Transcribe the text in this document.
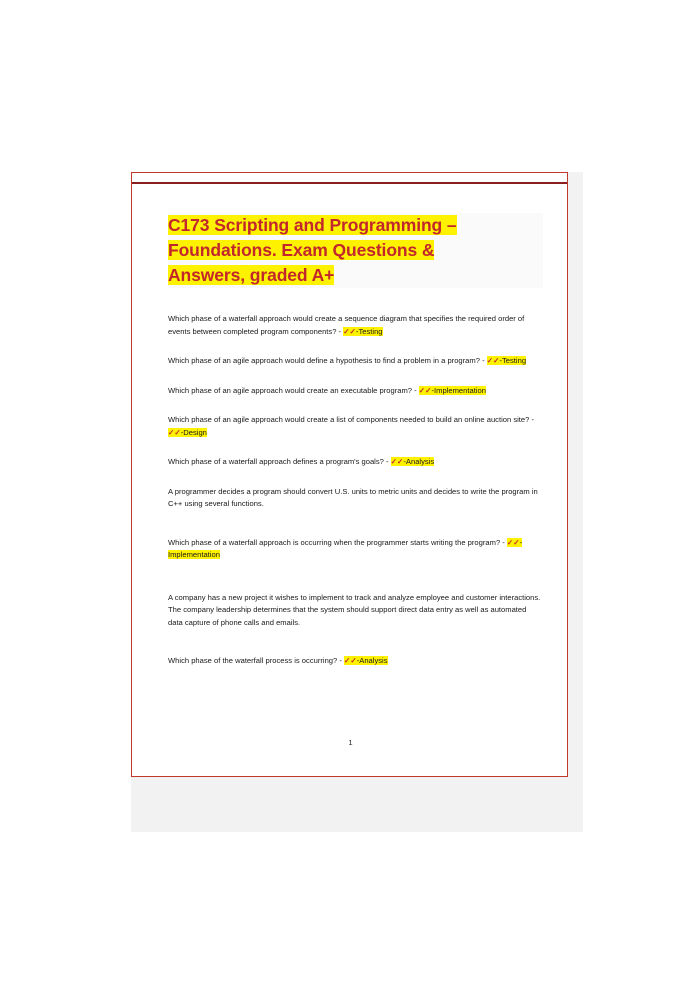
C173 Scripting and Programming –
Foundations. Exam Questions &
Answers, graded A+

Which phase of a waterfall approach would create a sequence diagram that specifies the required order of events between completed program components? - ✓✓-Testing

Which phase of an agile approach would define a hypothesis to find a problem in a program? - ✓✓-Testing

Which phase of an agile approach would create an executable program? - ✓✓-Implementation

Which phase of an agile approach would create a list of components needed to build an online auction site? - ✓✓-Design

Which phase of a waterfall approach defines a program's goals? - ✓✓-Analysis

A programmer decides a program should convert U.S. units to metric units and decides to write the program in C++ using several functions.

Which phase of a waterfall approach is occurring when the programmer starts writing the program? - ✓✓-Implementation

A company has a new project it wishes to implement to track and analyze employee and customer interactions. The company leadership determines that the system should support direct data entry as well as automated data capture of phone calls and emails.

Which phase of the waterfall process is occurring? - ✓✓-Analysis

1
